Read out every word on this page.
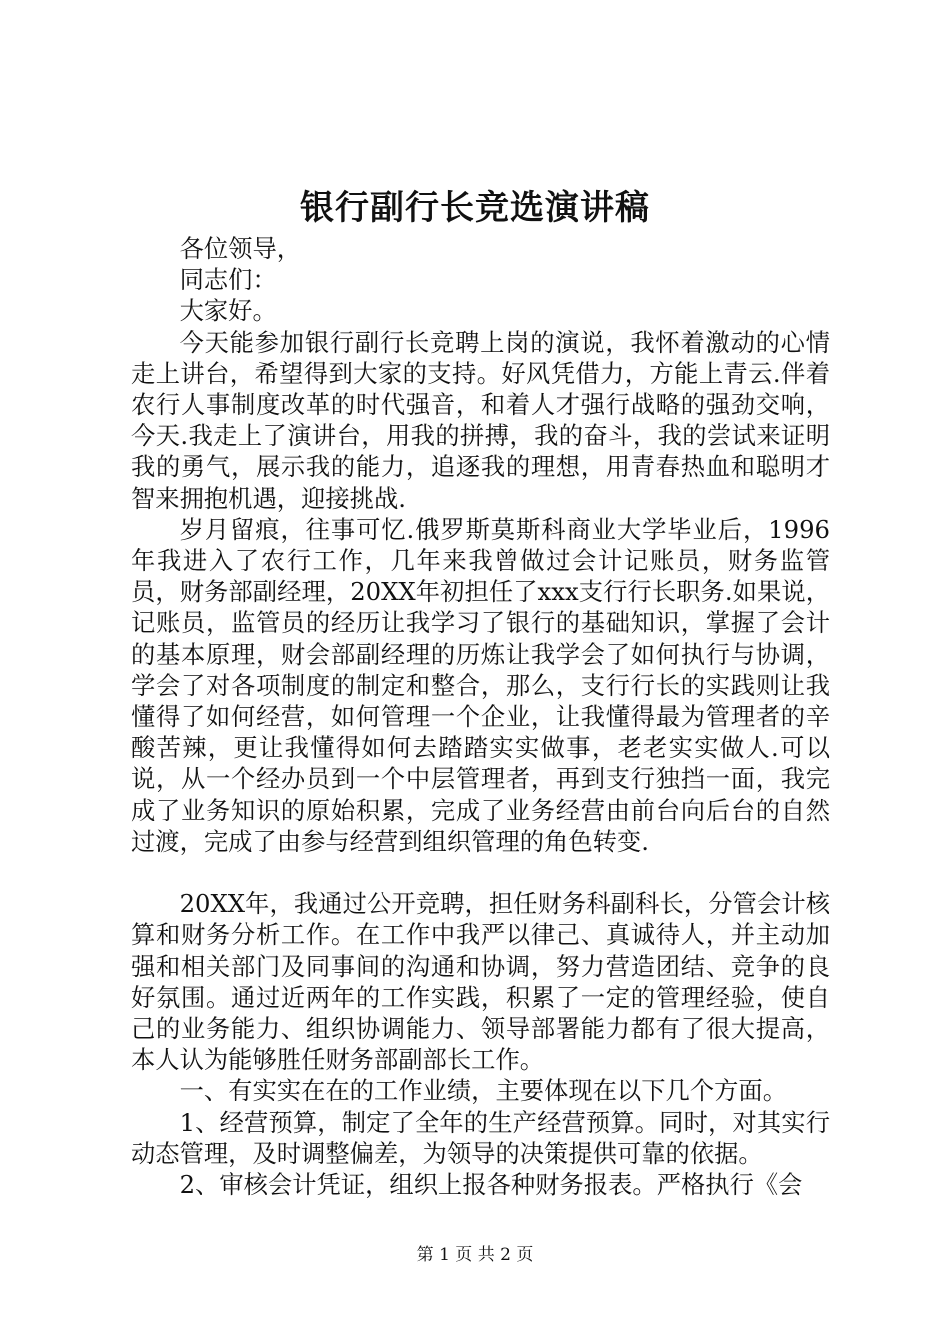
银行副行长竞选演讲稿

各位领导，

同志们：

大家好。

今天能参加银行副行长竞聘上岗的演说，我怀着激动的心情走上讲台，希望得到大家的支持。好风凭借力，方能上青云.伴着农行人事制度改革的时代强音，和着人才强行战略的强劲交响，今天.我走上了演讲台，用我的拼搏，我的奋斗，我的尝试来证明我的勇气，展示我的能力，追逐我的理想，用青春热血和聪明才智来拥抱机遇，迎接挑战.

岁月留痕，往事可忆.俄罗斯莫斯科商业大学毕业后，1996年我进入了农行工作，几年来我曾做过会计记账员，财务监管员，财务部副经理，20XX年初担任了xxx支行行长职务.如果说，记账员，监管员的经历让我学习了银行的基础知识，掌握了会计的基本原理，财会部副经理的历炼让我学会了如何执行与协调，学会了对各项制度的制定和整合，那么，支行行长的实践则让我懂得了如何经营，如何管理一个企业，让我懂得最为管理者的辛酸苦辣，更让我懂得如何去踏踏实实做事，老老实实做人.可以说，从一个经办员到一个中层管理者，再到支行独挡一面，我完成了业务知识的原始积累，完成了业务经营由前台向后台的自然过渡，完成了由参与经营到组织管理的角色转变.

20XX年，我通过公开竞聘，担任财务科副科长，分管会计核算和财务分析工作。在工作中我严以律己、真诚待人，并主动加强和相关部门及同事间的沟通和协调，努力营造团结、竞争的良好氛围。通过近两年的工作实践，积累了一定的管理经验，使自己的业务能力、组织协调能力、领导部署能力都有了很大提高，本人认为能够胜任财务部副部长工作。

一、有实实在在的工作业绩，主要体现在以下几个方面。

1、经营预算，制定了全年的生产经营预算。同时，对其实行动态管理，及时调整偏差，为领导的决策提供可靠的依据。

2、审核会计凭证，组织上报各种财务报表。严格执行《会

第 1 页 共 2 页
